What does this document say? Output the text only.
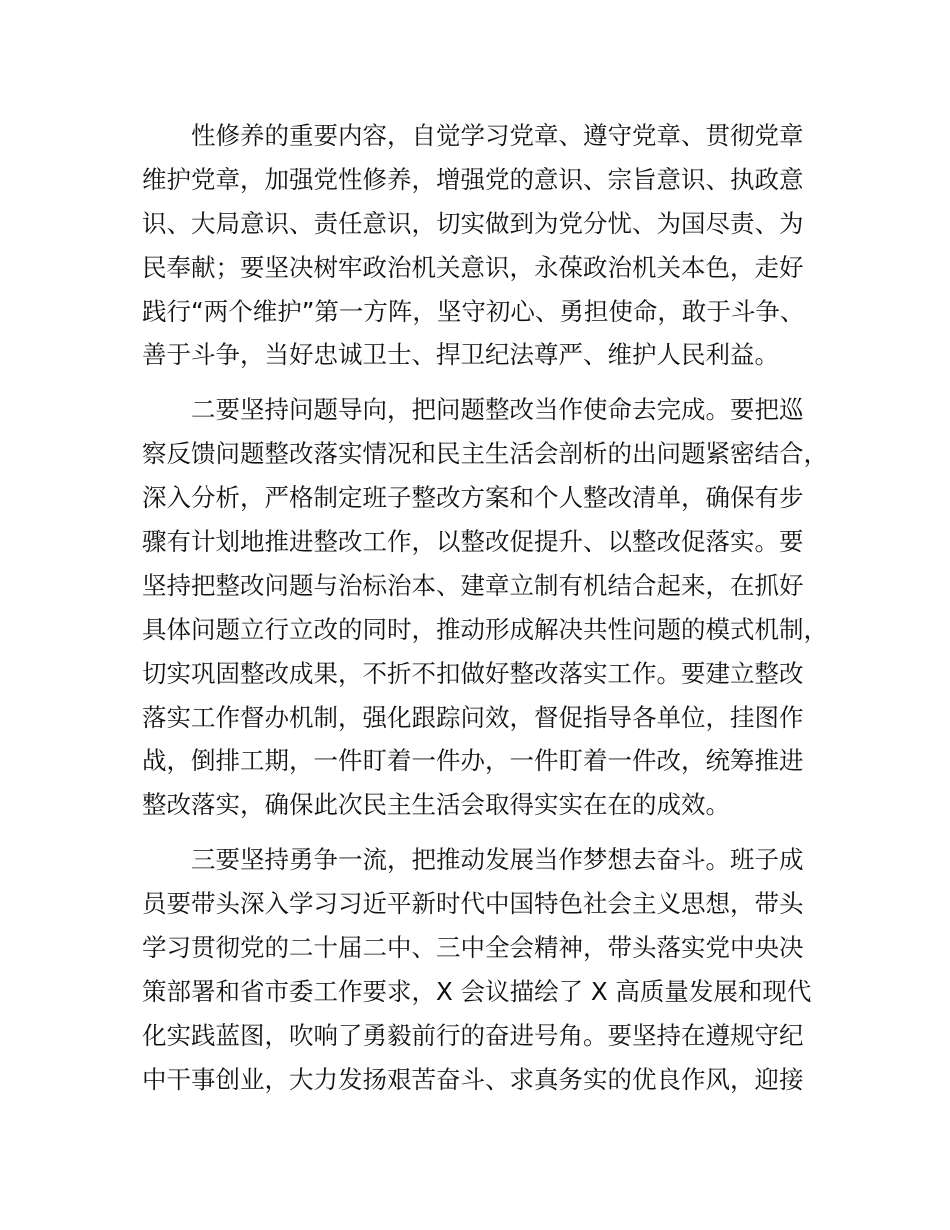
性修养的重要内容，自觉学习党章、遵守党章、贯彻党章
维护党章，加强党性修养，增强党的意识、宗旨意识、执政意
识、大局意识、责任意识，切实做到为党分忧、为国尽责、为
民奉献；要坚决树牢政治机关意识，永葆政治机关本色，走好
践行“两个维护”第一方阵，坚守初心、勇担使命，敢于斗争、
善于斗争，当好忠诚卫士、捍卫纪法尊严、维护人民利益。
二要坚持问题导向，把问题整改当作使命去完成。要把巡
察反馈问题整改落实情况和民主生活会剖析的出问题紧密结合，
深入分析，严格制定班子整改方案和个人整改清单，确保有步
骤有计划地推进整改工作，以整改促提升、以整改促落实。要
坚持把整改问题与治标治本、建章立制有机结合起来，在抓好
具体问题立行立改的同时，推动形成解决共性问题的模式机制，
切实巩固整改成果，不折不扣做好整改落实工作。要建立整改
落实工作督办机制，强化跟踪问效，督促指导各单位，挂图作
战，倒排工期，一件盯着一件办，一件盯着一件改，统筹推进
整改落实，确保此次民主生活会取得实实在在的成效。
三要坚持勇争一流，把推动发展当作梦想去奋斗。班子成
员要带头深入学习习近平新时代中国特色社会主义思想，带头
学习贯彻党的二十届二中、三中全会精神，带头落实党中央决
策部署和省市委工作要求，X 会议描绘了 X 高质量发展和现代
化实践蓝图，吹响了勇毅前行的奋进号角。要坚持在遵规守纪
中干事创业，大力发扬艰苦奋斗、求真务实的优良作风，迎接
